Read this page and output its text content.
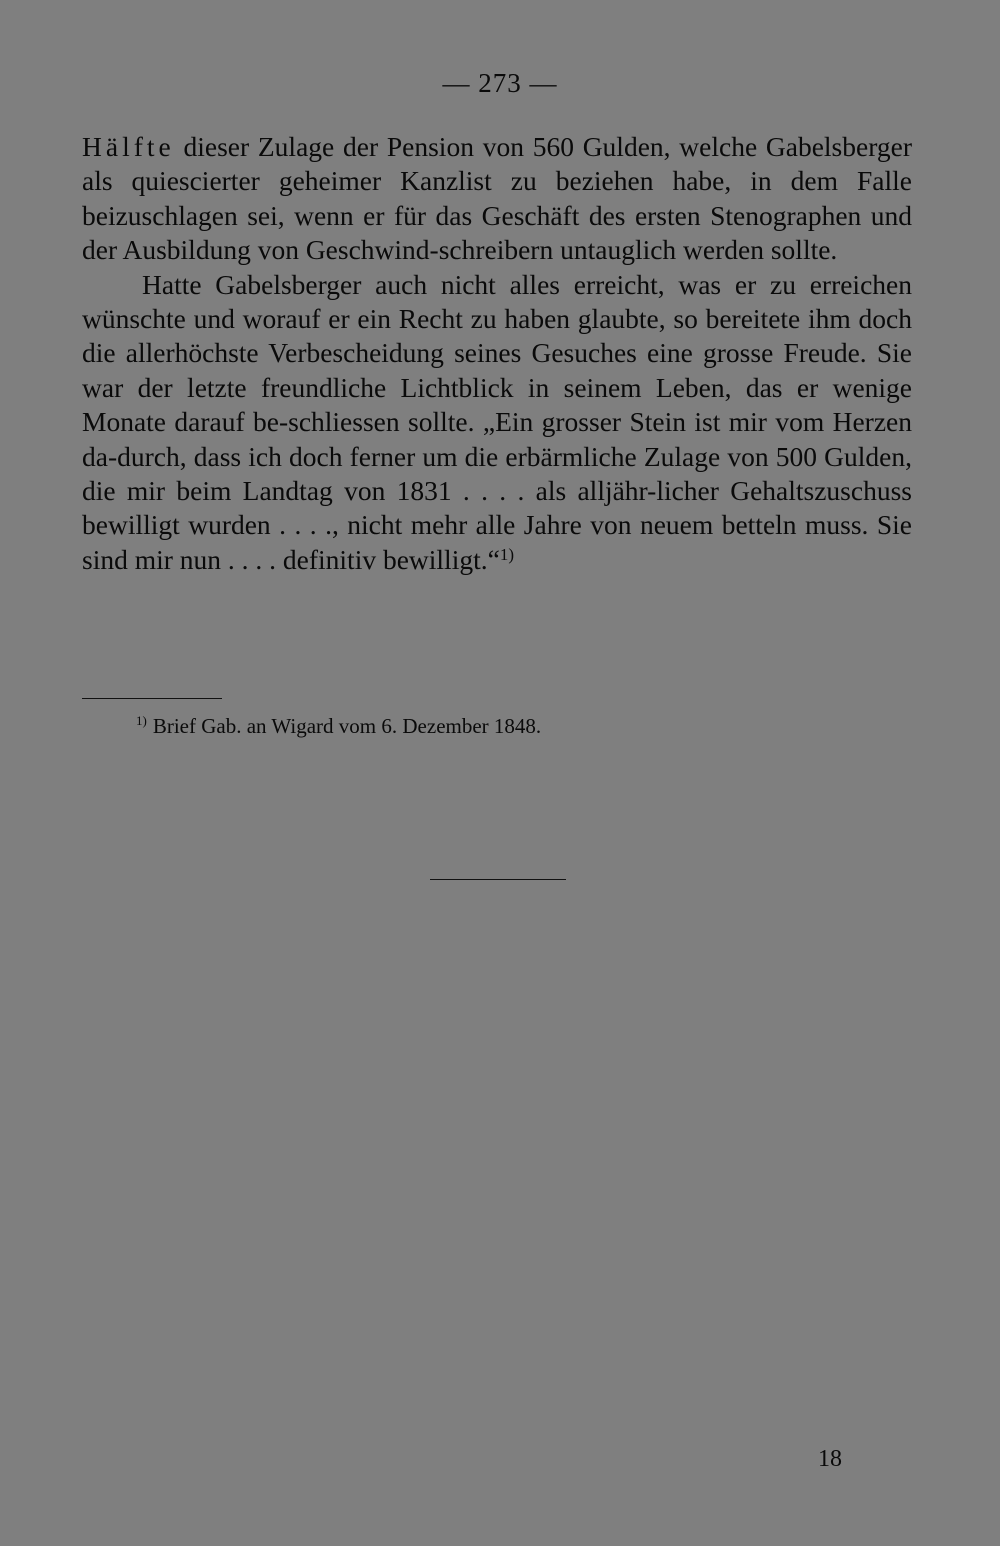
— 273 —

Hälfte dieser Zulage der Pension von 560 Gulden, welche Gabelsberger als quiescierter geheimer Kanzlist zu beziehen habe, in dem Falle beizuschlagen sei, wenn er für das Geschäft des ersten Stenographen und der Ausbildung von Geschwind-schreibern untauglich werden sollte.

Hatte Gabelsberger auch nicht alles erreicht, was er zu erreichen wünschte und worauf er ein Recht zu haben glaubte, so bereitete ihm doch die allerhöchste Verbescheidung seines Gesuches eine grosse Freude. Sie war der letzte freundliche Lichtblick in seinem Leben, das er wenige Monate darauf be-schliessen sollte. „Ein grosser Stein ist mir vom Herzen da-durch, dass ich doch ferner um die erbärmliche Zulage von 500 Gulden, die mir beim Landtag von 1831 . . . . als alljähr-licher Gehaltszuschuss bewilligt wurden . . . ., nicht mehr alle Jahre von neuem betteln muss. Sie sind mir nun . . . . definitiv bewilligt.“$^{1)}$

$^{1)}$ Brief Gab. an Wigard vom 6. Dezember 1848.
18
